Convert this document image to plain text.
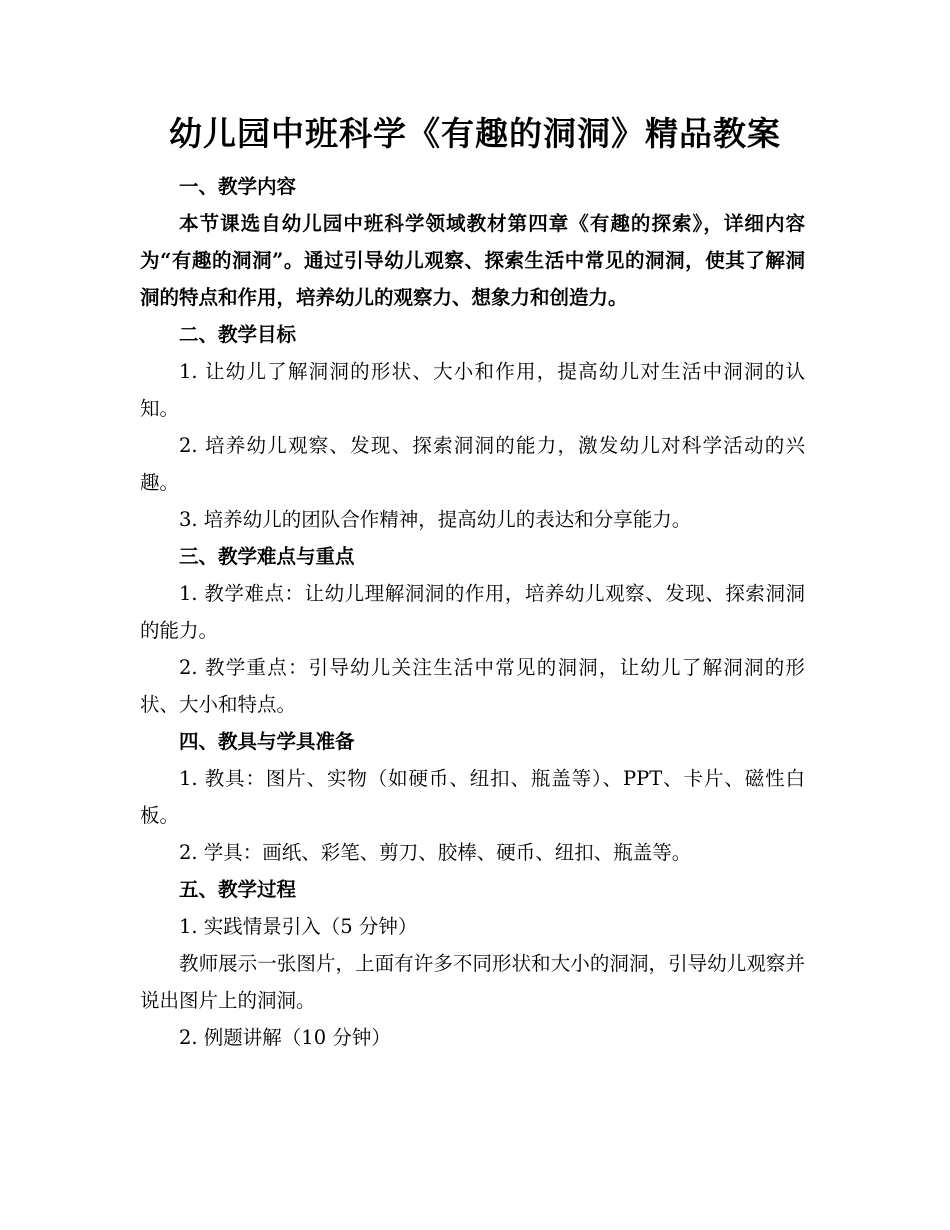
幼儿园中班科学《有趣的洞洞》精品教案

一、教学内容

本节课选自幼儿园中班科学领域教材第四章《有趣的探索》，详细内容为“有趣的洞洞”。通过引导幼儿观察、探索生活中常见的洞洞，使其了解洞洞的特点和作用，培养幼儿的观察力、想象力和创造力。

二、教学目标

1. 让幼儿了解洞洞的形状、大小和作用，提高幼儿对生活中洞洞的认知。

2. 培养幼儿观察、发现、探索洞洞的能力，激发幼儿对科学活动的兴趣。

3. 培养幼儿的团队合作精神，提高幼儿的表达和分享能力。

三、教学难点与重点

1. 教学难点：让幼儿理解洞洞的作用，培养幼儿观察、发现、探索洞洞的能力。

2. 教学重点：引导幼儿关注生活中常见的洞洞，让幼儿了解洞洞的形状、大小和特点。

四、教具与学具准备

1. 教具：图片、实物（如硬币、纽扣、瓶盖等）、PPT、卡片、磁性白板。

2. 学具：画纸、彩笔、剪刀、胶棒、硬币、纽扣、瓶盖等。

五、教学过程

1. 实践情景引入（5 分钟）

教师展示一张图片，上面有许多不同形状和大小的洞洞，引导幼儿观察并说出图片上的洞洞。

2. 例题讲解（10 分钟）
